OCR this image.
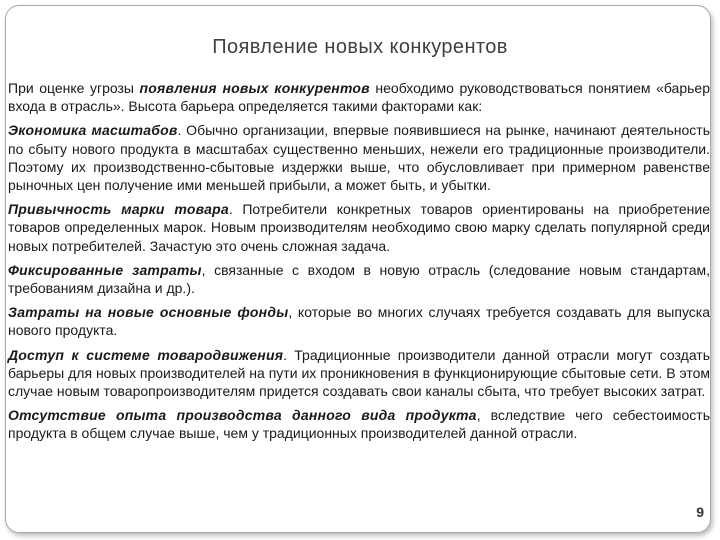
Появление новых конкурентов

При оценке угрозы появления новых конкурентов необходимо руководствоваться понятием «барьер входа в отрасль». Высота барьера определяется такими факторами как:

Экономика масштабов. Обычно организации, впервые появившиеся на рынке, начинают деятельность по сбыту нового продукта в масштабах существенно меньших, нежели его традиционные производители. Поэтому их производственно-сбытовые издержки выше, что обусловливает при примерном равенстве рыночных цен получение ими меньшей прибыли, а может быть, и убытки.

Привычность марки товара. Потребители конкретных товаров ориентированы на приобретение товаров определенных марок. Новым производителям необходимо свою марку сделать популярной среди новых потребителей. Зачастую это очень сложная задача.

Фиксированные затраты, связанные с входом в новую отрасль (следование новым стандартам, требованиям дизайна и др.).

Затраты на новые основные фонды, которые во многих случаях требуется создавать для выпуска нового продукта.

Доступ к системе товародвижения. Традиционные производители данной отрасли могут создать барьеры для новых производителей на пути их проникновения в функционирующие сбытовые сети. В этом случае новым товаропроизводителям придется создавать свои каналы сбыта, что требует высоких затрат.

Отсутствие опыта производства данного вида продукта, вследствие чего себестоимость продукта в общем случае выше, чем у традиционных производителей данной отрасли.

9
